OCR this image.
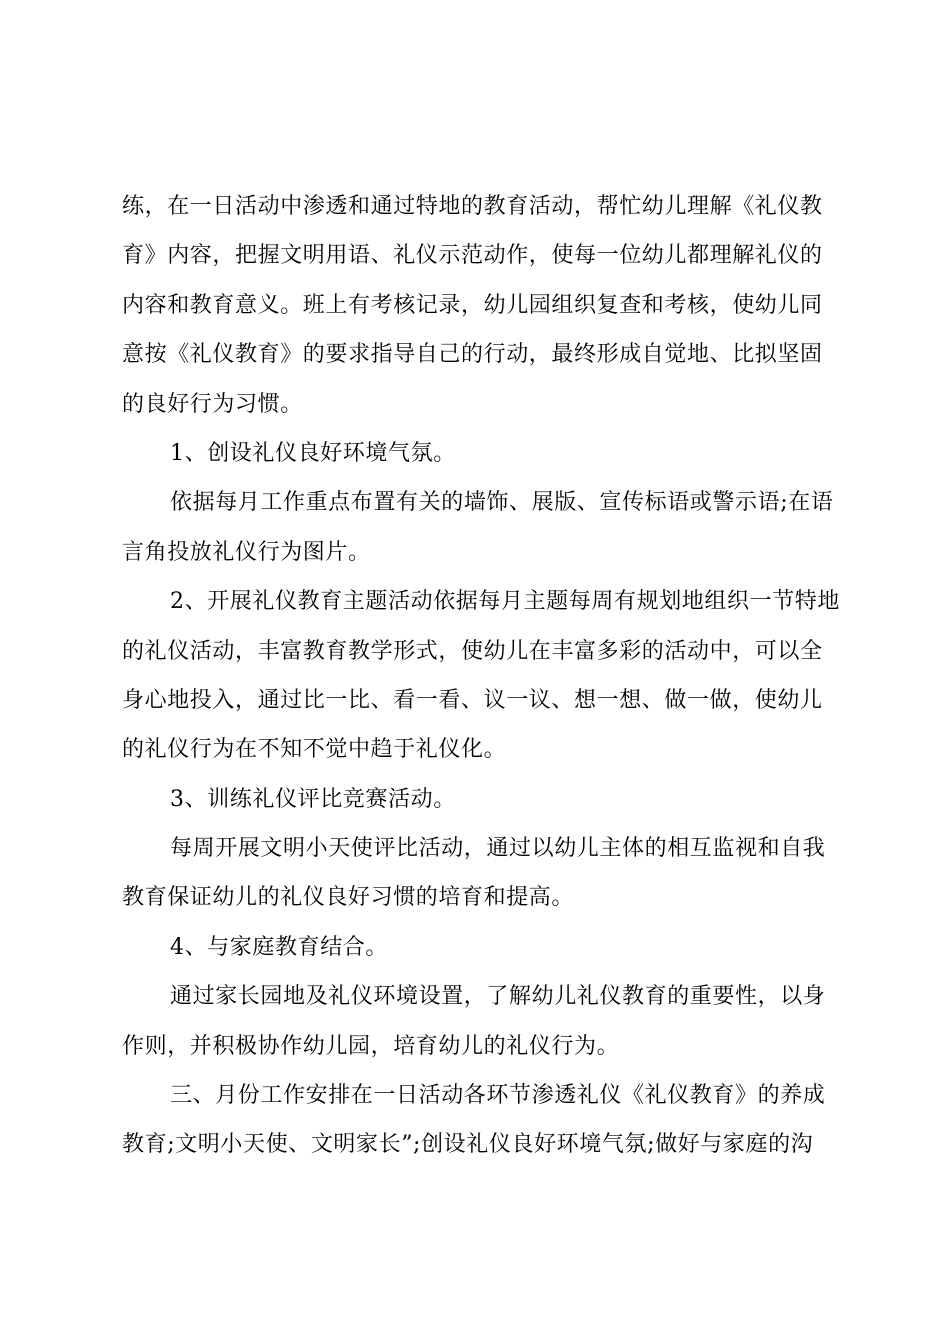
练，在一日活动中渗透和通过特地的教育活动，帮忙幼儿理解《礼仪教
育》内容，把握文明用语、礼仪示范动作，使每一位幼儿都理解礼仪的
内容和教育意义。班上有考核记录，幼儿园组织复查和考核，使幼儿同
意按《礼仪教育》的要求指导自己的行动，最终形成自觉地、比拟坚固
的良好行为习惯。
1、创设礼仪良好环境气氛。
依据每月工作重点布置有关的墙饰、展版、宣传标语或警示语;在语
言角投放礼仪行为图片。
2、开展礼仪教育主题活动依据每月主题每周有规划地组织一节特地
的礼仪活动，丰富教育教学形式，使幼儿在丰富多彩的活动中，可以全
身心地投入，通过比一比、看一看、议一议、想一想、做一做，使幼儿
的礼仪行为在不知不觉中趋于礼仪化。
3、训练礼仪评比竞赛活动。
每周开展文明小天使评比活动，通过以幼儿主体的相互监视和自我
教育保证幼儿的礼仪良好习惯的培育和提高。
4、与家庭教育结合。
通过家长园地及礼仪环境设置，了解幼儿礼仪教育的重要性，以身
作则，并积极协作幼儿园，培育幼儿的礼仪行为。
三、月份工作安排在一日活动各环节渗透礼仪《礼仪教育》的养成
教育;文明小天使、文明家长”;创设礼仪良好环境气氛;做好与家庭的沟
